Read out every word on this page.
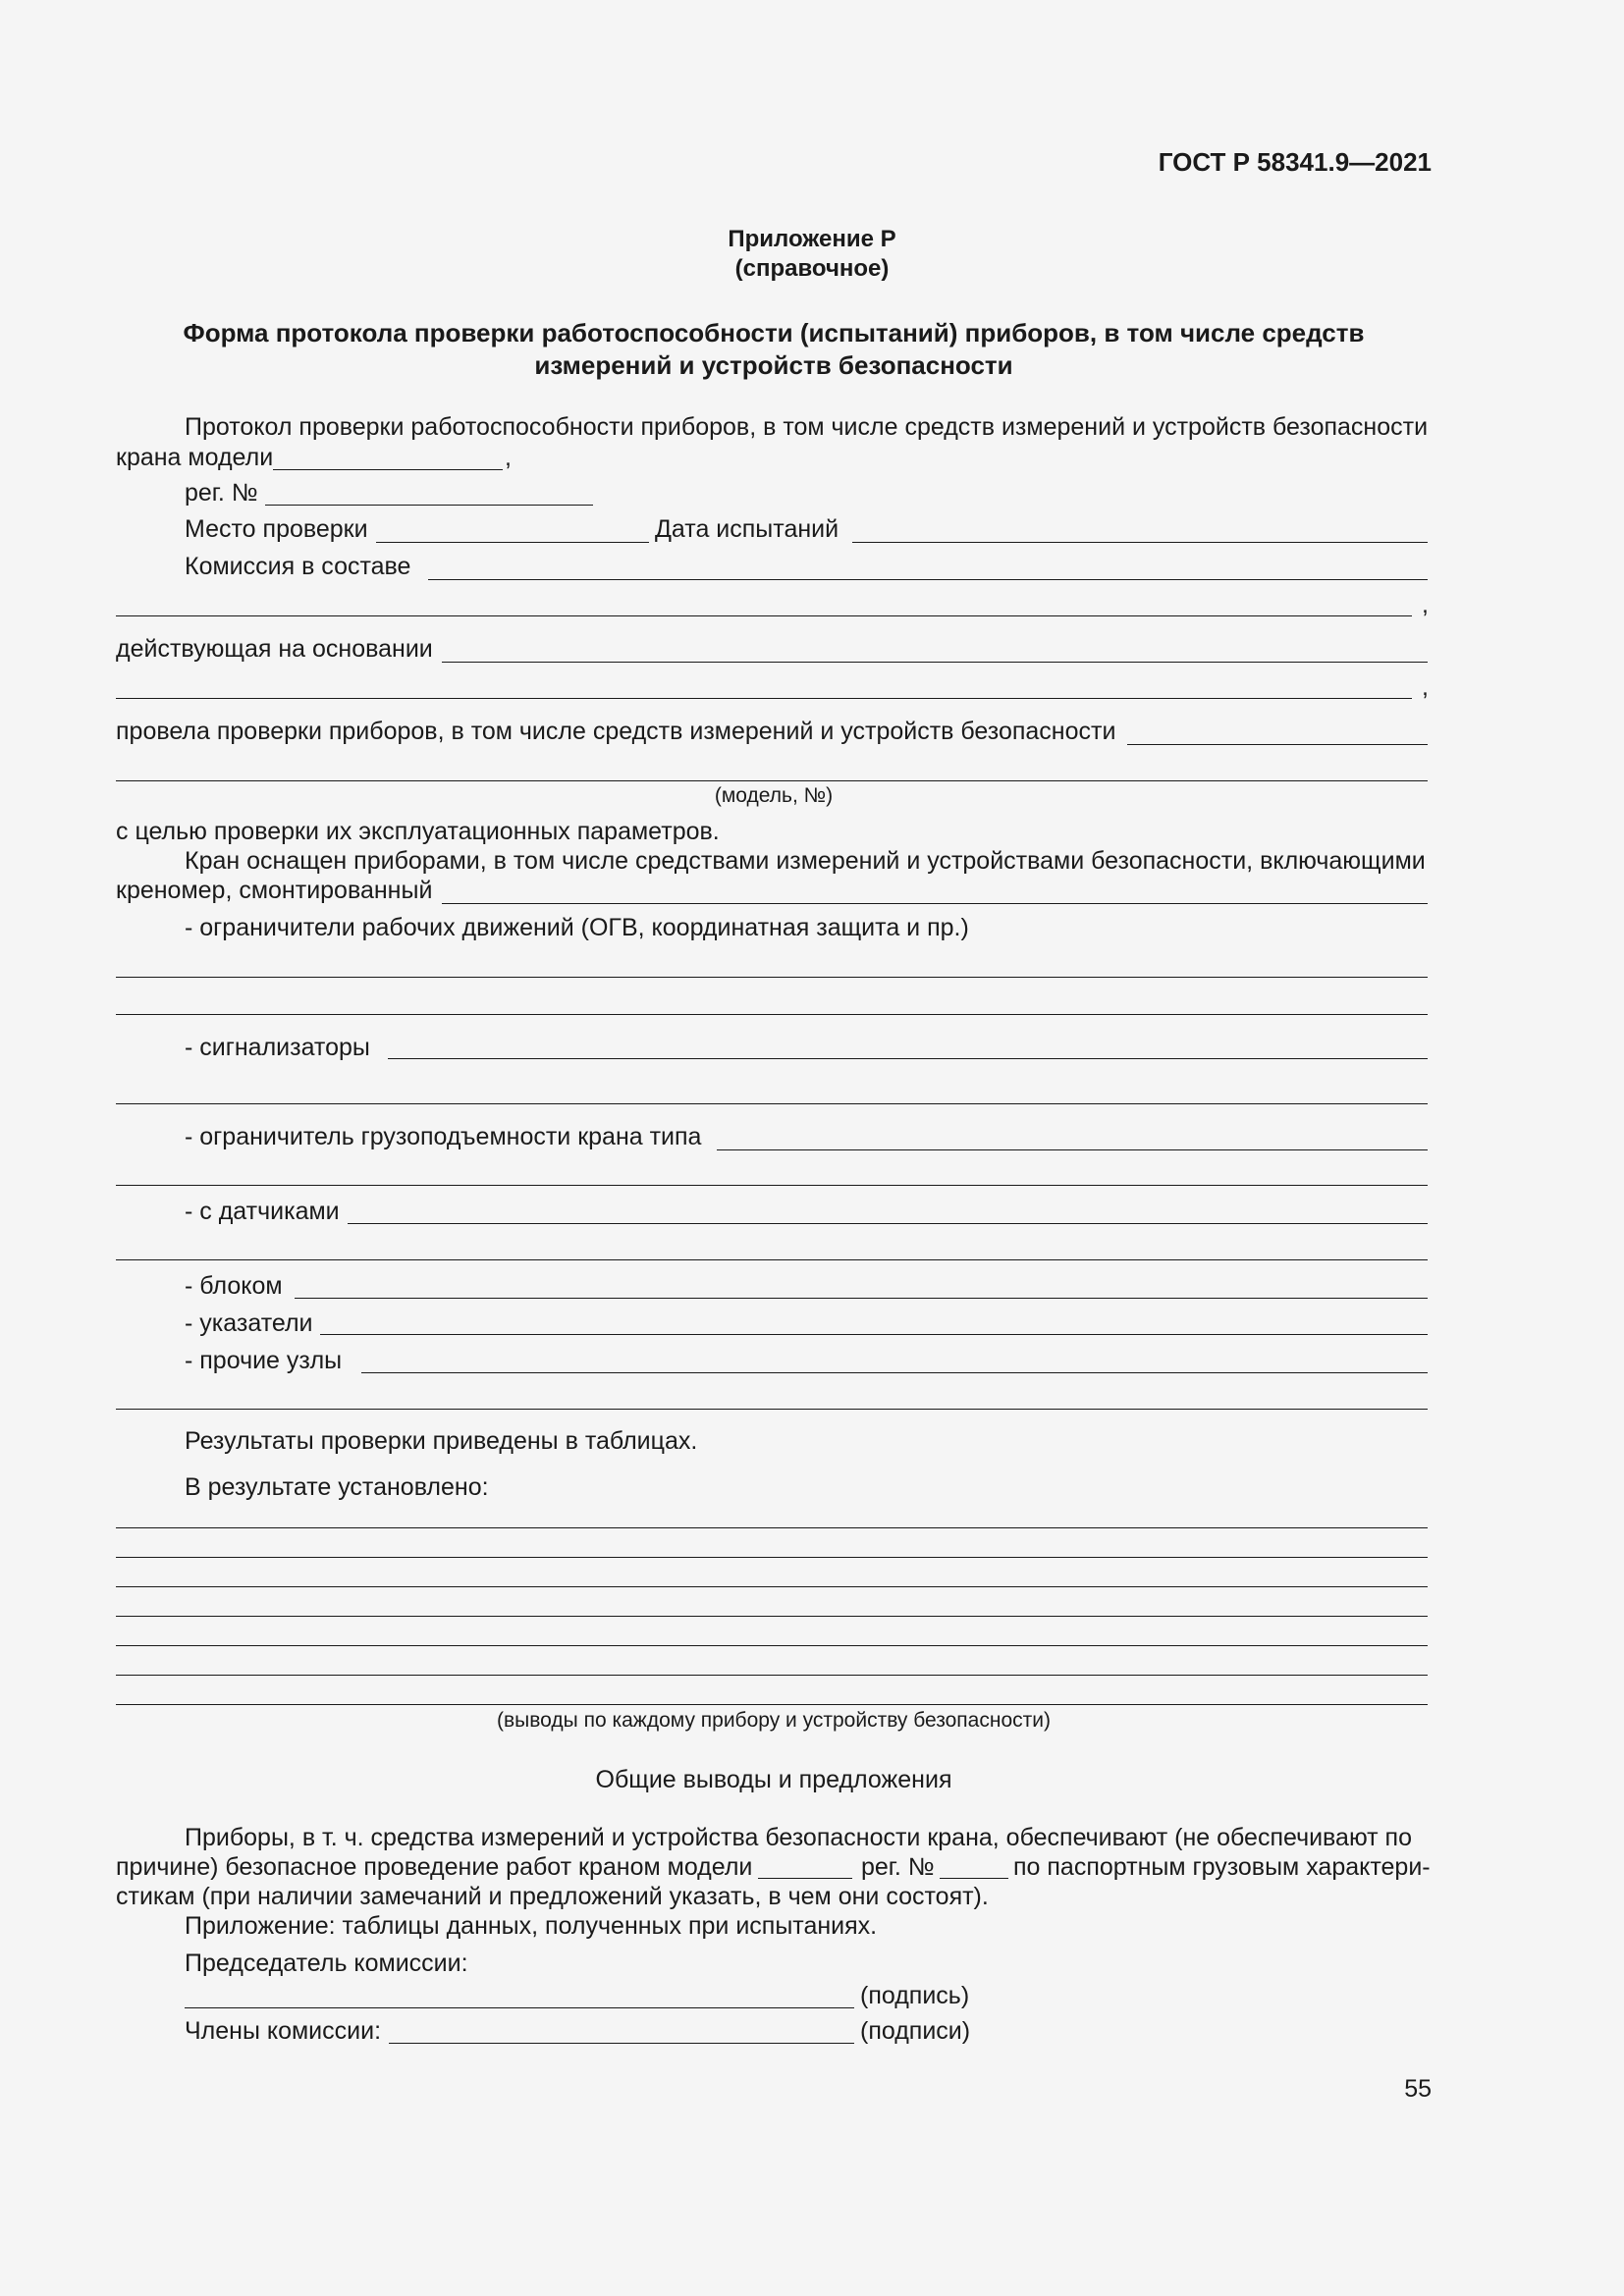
ГОСТ Р 58341.9—2021
Приложение Р
(справочное)
Форма протокола проверки работоспособности (испытаний) приборов, в том числе средств
измерений и устройств безопасности
Протокол проверки работоспособности приборов, в том числе средств измерений и устройств безопасности
крана модели	,
рег. №
Место проверки	Дата испытаний
Комиссия в составе
,
действующая на основании
,
провела проверки приборов, в том числе средств измерений и устройств безопасности
(модель, №)
с целью проверки их эксплуатационных параметров.
Кран оснащен приборами, в том числе средствами измерений и устройствами безопасности, включающими
креномер, смонтированный
- ограничители рабочих движений (ОГВ, координатная защита и пр.)
- сигнализаторы
- ограничитель грузоподъемности крана типа
- с датчиками
- блоком
- указатели
- прочие узлы
Результаты проверки приведены в таблицах.
В результате установлено:
(выводы по каждому прибору и устройству безопасности)
Общие выводы и предложения
Приборы, в т. ч. средства измерений и устройства безопасности крана, обеспечивают (не обеспечивают по
причине) безопасное проведение работ краном модели	рег. №	по паспортным грузовым характери-
стикам (при наличии замечаний и предложений указать, в чем они состоят).
Приложение: таблицы данных, полученных при испытаниях.
Председатель комиссии:
(подпись)
Члены комиссии:	(подписи)
55
